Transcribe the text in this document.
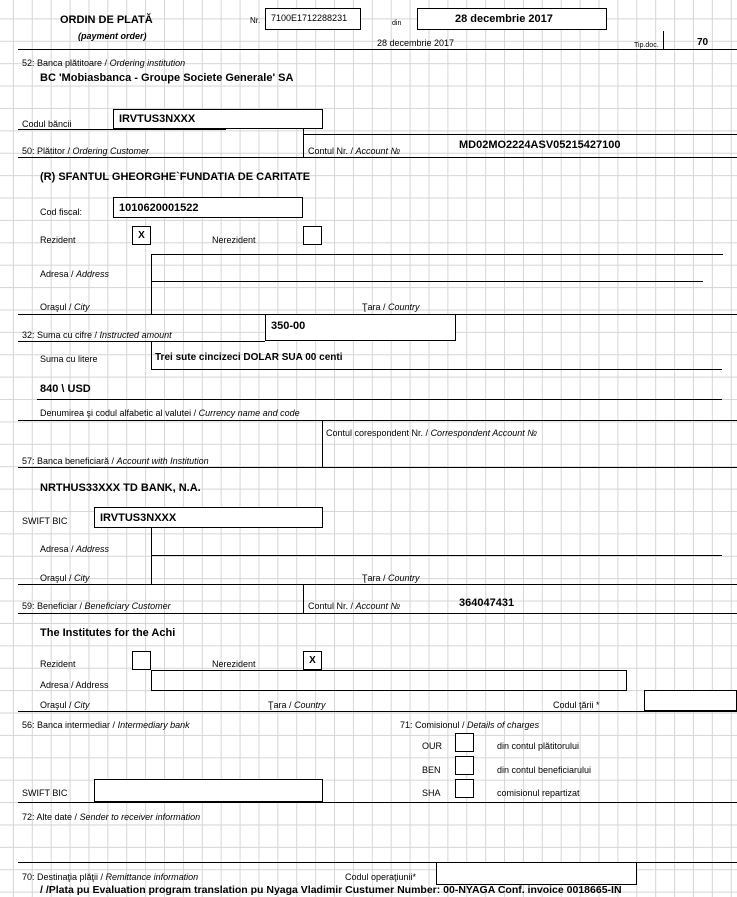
ORDIN DE PLATĂ
(payment order)
Nr. 7100E1712288231
din	28 decembrie 2017
28 decembrie 2017	Tip.doc.	70
52: Banca plătitoare / Ordering institution
BC 'Mobiasbanca - Groupe Societe Generale' SA
Codul băncii	IRVTUS3NXXX
50: Plătitor / Ordering Customer	Contul Nr. / Account №	MD02MO2224ASV05215427100
(R) SFANTUL GHEORGHE`FUNDATIA DE CARITATE
Cod fiscal:	1010620001522
Rezident	X	Nerezident
Adresa / Address
Oraşul / City	Ţara / Country
32: Suma cu cifre / Instructed amount
350-00
Suma cu litere	Trei sute cincizeci DOLAR SUA 00 centi
840 \ USD
Denumirea şi codul alfabetic al valutei / Currency name and code
Contul corespondent Nr. / Correspondent Account №
57: Banca beneficiară / Account with Institution
NRTHUS33XXX TD BANK, N.A.
SWIFT BIC	IRVTUS3NXXX
Adresa / Address
Oraşul / City	Ţara / Country
59: Beneficiar / Beneficiary Customer	Contul Nr. / Account №	364047431
The Institutes for the Achi
Rezident	Nerezident	X
Adresa / Address
Oraşul / City	Ţara / Country	Codul ţării *
56: Banca intermediar / Intermediary bank	71: Comisionul / Details of charges
OUR	din contul plătitorului
BEN	din contul beneficiarului
SHA	comisionul repartizat
SWIFT BIC
72: Alte date / Sender to receiver information
70: Destinaţia plăţii / Remittance information	Codul operaţiunii*
/ /Plata pu Evaluation program translation pu Nyaga Vladimir Custumer Number: 00-NYAGA Conf. invoice 0018665-IN
